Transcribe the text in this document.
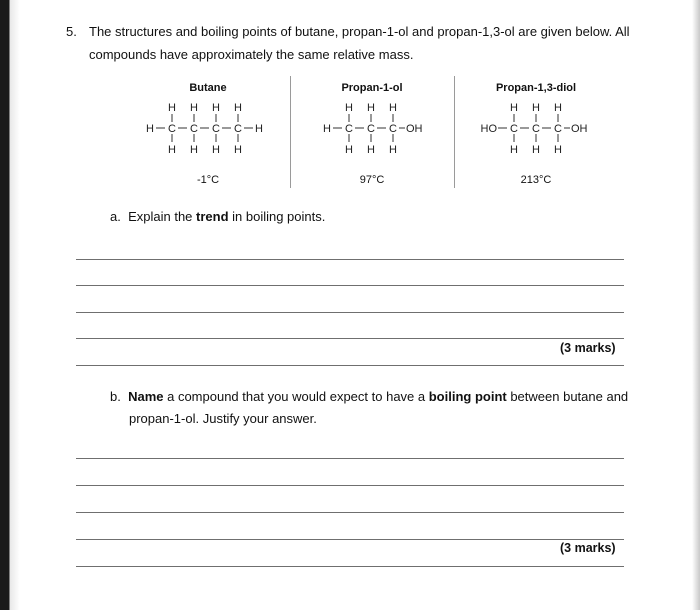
5. The structures and boiling points of butane, propan-1-ol and propan-1,3-ol are given below. All
compounds have approximately the same relative mass.
Butane
H H H H
H C C C C H
H H H H
-1°C
Propan-1-ol
H H H
H C C C OH
H H H
97°C
Propan-1,3-diol
H H H
HO C C C OH
H H H
213°C
a. Explain the trend in boiling points.
(3 marks)
b. Name a compound that you would expect to have a boiling point between butane and
propan-1-ol. Justify your answer.
(3 marks)
